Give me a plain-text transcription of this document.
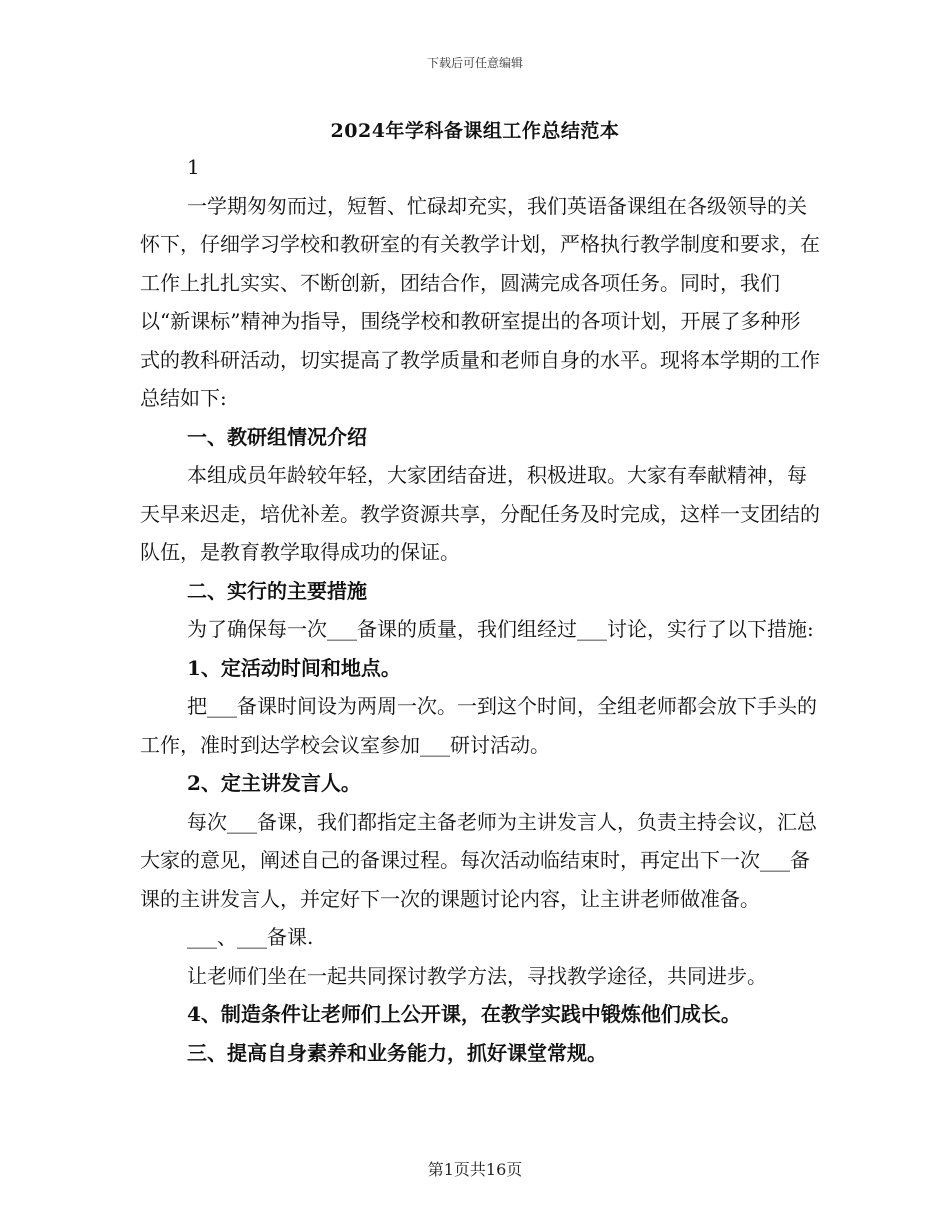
下载后可任意编辑
2024年学科备课组工作总结范本

1

一学期匆匆而过，短暂、忙碌却充实，我们英语备课组在各级领导的关怀下，仔细学习学校和教研室的有关教学计划，严格执行教学制度和要求，在工作上扎扎实实、不断创新，团结合作，圆满完成各项任务。同时，我们以“新课标”精神为指导，围绕学校和教研室提出的各项计划，开展了多种形式的教科研活动，切实提高了教学质量和老师自身的水平。现将本学期的工作总结如下:

一、教研组情况介绍

本组成员年龄较年轻，大家团结奋进，积极进取。大家有奉献精神，每天早来迟走，培优补差。教学资源共享，分配任务及时完成，这样一支团结的队伍，是教育教学取得成功的保证。

二、实行的主要措施

为了确保每一次___备课的质量，我们组经过___讨论，实行了以下措施:

1、定活动时间和地点。

把___备课时间设为两周一次。一到这个时间，全组老师都会放下手头的工作，准时到达学校会议室参加___研讨活动。

2、定主讲发言人。

每次___备课，我们都指定主备老师为主讲发言人，负责主持会议，汇总大家的意见，阐述自己的备课过程。每次活动临结束时，再定出下一次___备课的主讲发言人，并定好下一次的课题讨论内容，让主讲老师做准备。

___、___备课.

让老师们坐在一起共同探讨教学方法，寻找教学途径，共同进步。

4、制造条件让老师们上公开课，在教学实践中锻炼他们成长。

三、提高自身素养和业务能力，抓好课堂常规。

第1页共16页
